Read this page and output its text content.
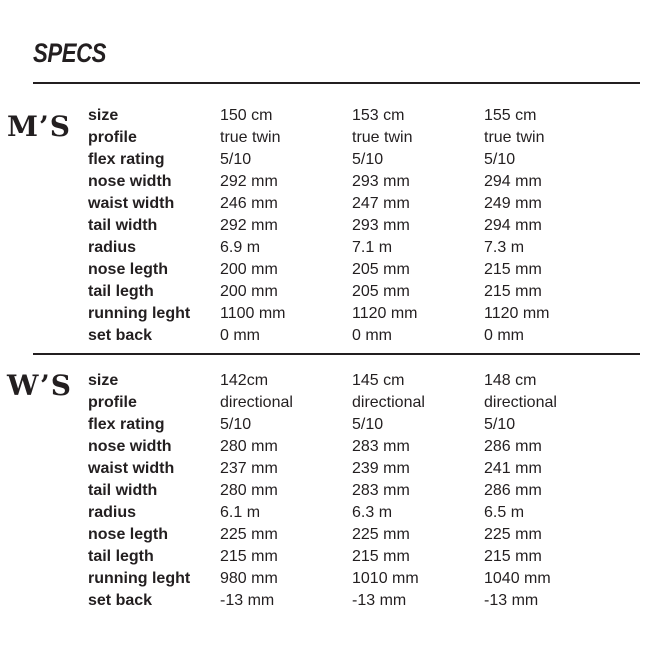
SPECS
M’S size	150 cm	153 cm	155 cm
profile	true twin	true twin	true twin
flex rating	5/10	5/10	5/10
nose width	292 mm	293 mm	294 mm
waist width	246 mm	247 mm	249 mm
tail width	292 mm	293 mm	294 mm
radius	6.9 m	7.1 m	7.3 m
nose legth	200 mm	205 mm	215 mm
tail legth	200 mm	205 mm	215 mm
running leght	1100 mm	1120 mm	1120 mm
set back	0 mm	0 mm	0 mm
W’S size	142cm	145 cm	148 cm
profile	directional	directional	directional
flex rating	5/10	5/10	5/10
nose width	280 mm	283 mm	286 mm
waist width	237 mm	239 mm	241 mm
tail width	280 mm	283 mm	286 mm
radius	6.1 m	6.3 m	6.5 m
nose legth	225 mm	225 mm	225 mm
tail legth	215 mm	215 mm	215 mm
running leght	980 mm	1010 mm	1040 mm
set back	-13 mm	-13 mm	-13 mm
